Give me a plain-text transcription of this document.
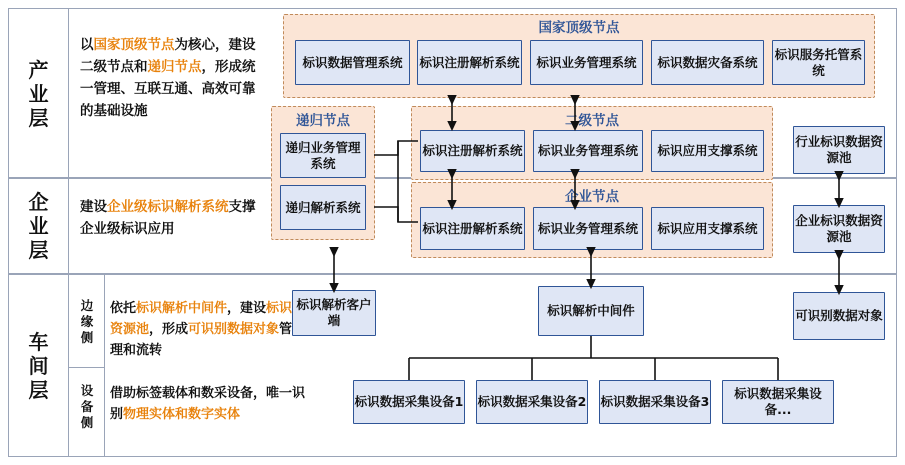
产
业
层
企
业
层
车
间
层
边
缘
侧
设
备
侧
以国家顶级节点为核心，建设二级节点和递归节点，形成统一管理、互联互通、高效可靠的基础设施
建设企业级标识解析系统支撑企业级标识应用
依托标识解析中间件，建设标识资源池，形成可识别数据对象管理和流转
借助标签载体和数采设备，唯一识别物理实体和数字实体
国家顶级节点
标识数据管理系统	标识注册解析系统	标识业务管理系统	标识数据灾备系统
标识服务托管系统
递归节点
递归业务管理系统
递归解析系统
二级节点
标识注册解析系统	标识业务管理系统	标识应用支撑系统
企业节点
标识注册解析系统	标识业务管理系统	标识应用支撑系统
行业标识数据资源池
企业标识数据资源池
可识别数据对象
标识解析客户端
标识解析中间件
标识数据采集设备1 标识数据采集设备2 标识数据采集设备3
标识数据采集设备...
